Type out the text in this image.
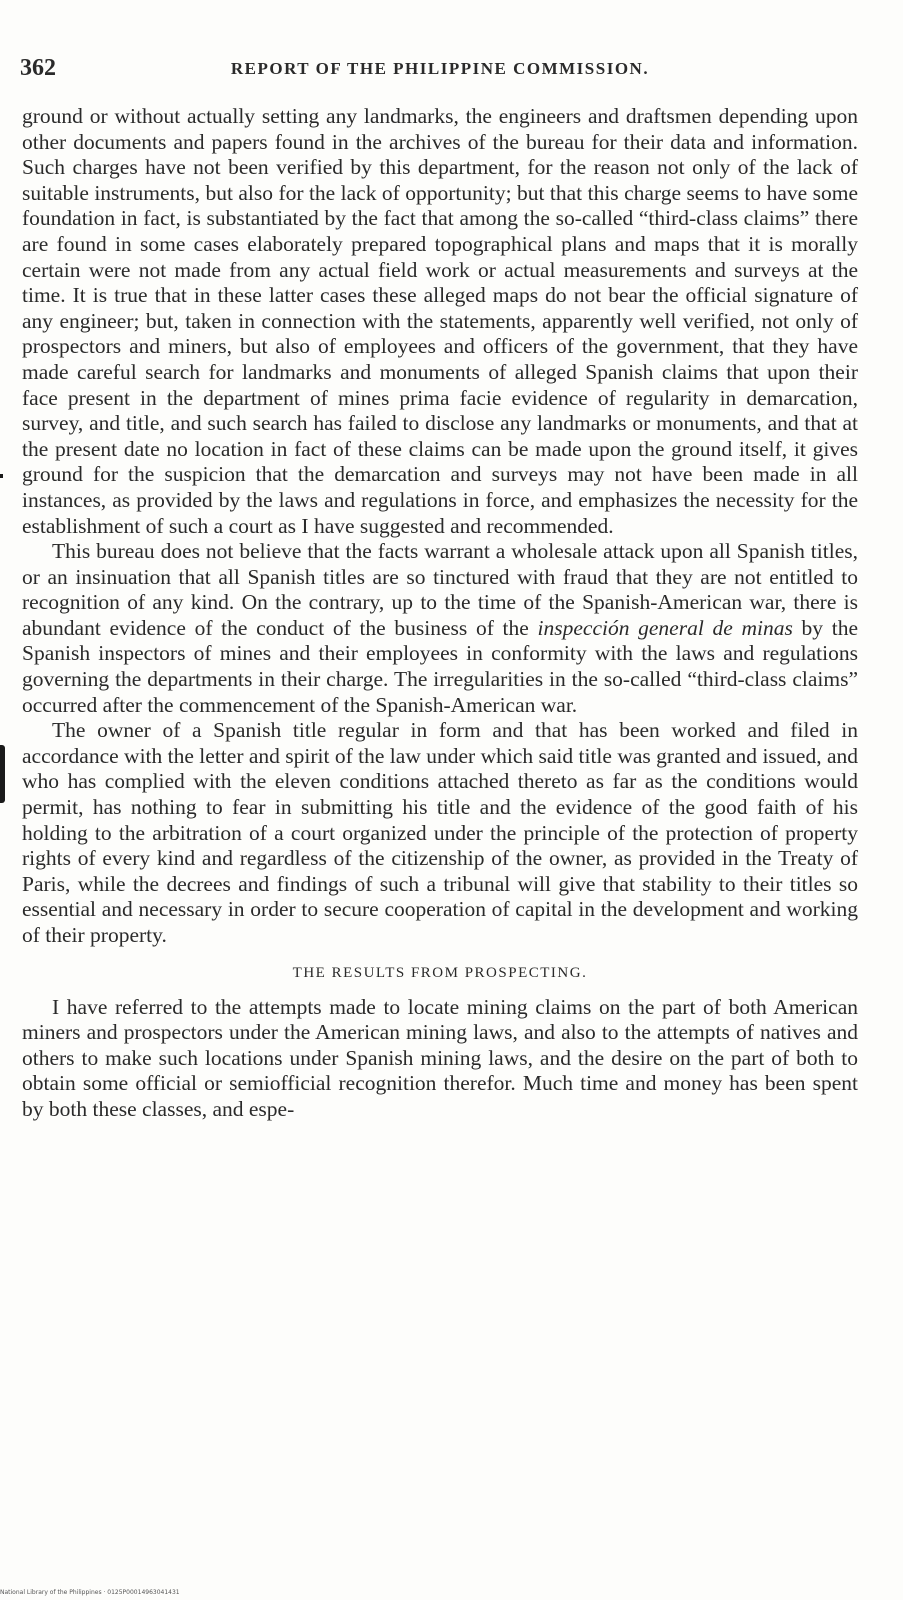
362	REPORT OF THE PHILIPPINE COMMISSION.

ground or without actually setting any landmarks, the engineers and draftsmen depending upon other documents and papers found in the archives of the bureau for their data and information. Such charges have not been verified by this department, for the reason not only of the lack of suitable instruments, but also for the lack of opportunity; but that this charge seems to have some foundation in fact, is substantiated by the fact that among the so-called “third-class claims” there are found in some cases elaborately prepared topographical plans and maps that it is morally certain were not made from any actual field work or actual measurements and surveys at the time. It is true that in these latter cases these alleged maps do not bear the official signature of any engineer; but, taken in connection with the statements, apparently well verified, not only of prospectors and miners, but also of employees and officers of the government, that they have made careful search for landmarks and monuments of alleged Spanish claims that upon their face present in the department of mines prima facie evidence of regularity in demarcation, survey, and title, and such search has failed to disclose any landmarks or monuments, and that at the present date no location in fact of these claims can be made upon the ground itself, it gives ground for the suspicion that the demarcation and surveys may not have been made in all instances, as provided by the laws and regulations in force, and emphasizes the necessity for the establishment of such a court as I have suggested and recommended.

This bureau does not believe that the facts warrant a wholesale attack upon all Spanish titles, or an insinuation that all Spanish titles are so tinctured with fraud that they are not entitled to recognition of any kind. On the contrary, up to the time of the Spanish-American war, there is abundant evidence of the conduct of the business of the inspección general de minas by the Spanish inspectors of mines and their employees in conformity with the laws and regulations governing the departments in their charge. The irregularities in the so-called “third-class claims” occurred after the commencement of the Spanish-American war.

The owner of a Spanish title regular in form and that has been worked and filed in accordance with the letter and spirit of the law under which said title was granted and issued, and who has complied with the eleven conditions attached thereto as far as the conditions would permit, has nothing to fear in submitting his title and the evidence of the good faith of his holding to the arbitration of a court organized under the principle of the protection of property rights of every kind and regardless of the citizenship of the owner, as provided in the Treaty of Paris, while the decrees and findings of such a tribunal will give that stability to their titles so essential and necessary in order to secure cooperation of capital in the development and working of their property.

THE RESULTS FROM PROSPECTING.

I have referred to the attempts made to locate mining claims on the part of both American miners and prospectors under the American mining laws, and also to the attempts of natives and others to make such locations under Spanish mining laws, and the desire on the part of both to obtain some official or semiofficial recognition therefor. Much time and money has been spent by both these classes, and espe-

National Library of the Philippines · 0125P00014963041431
